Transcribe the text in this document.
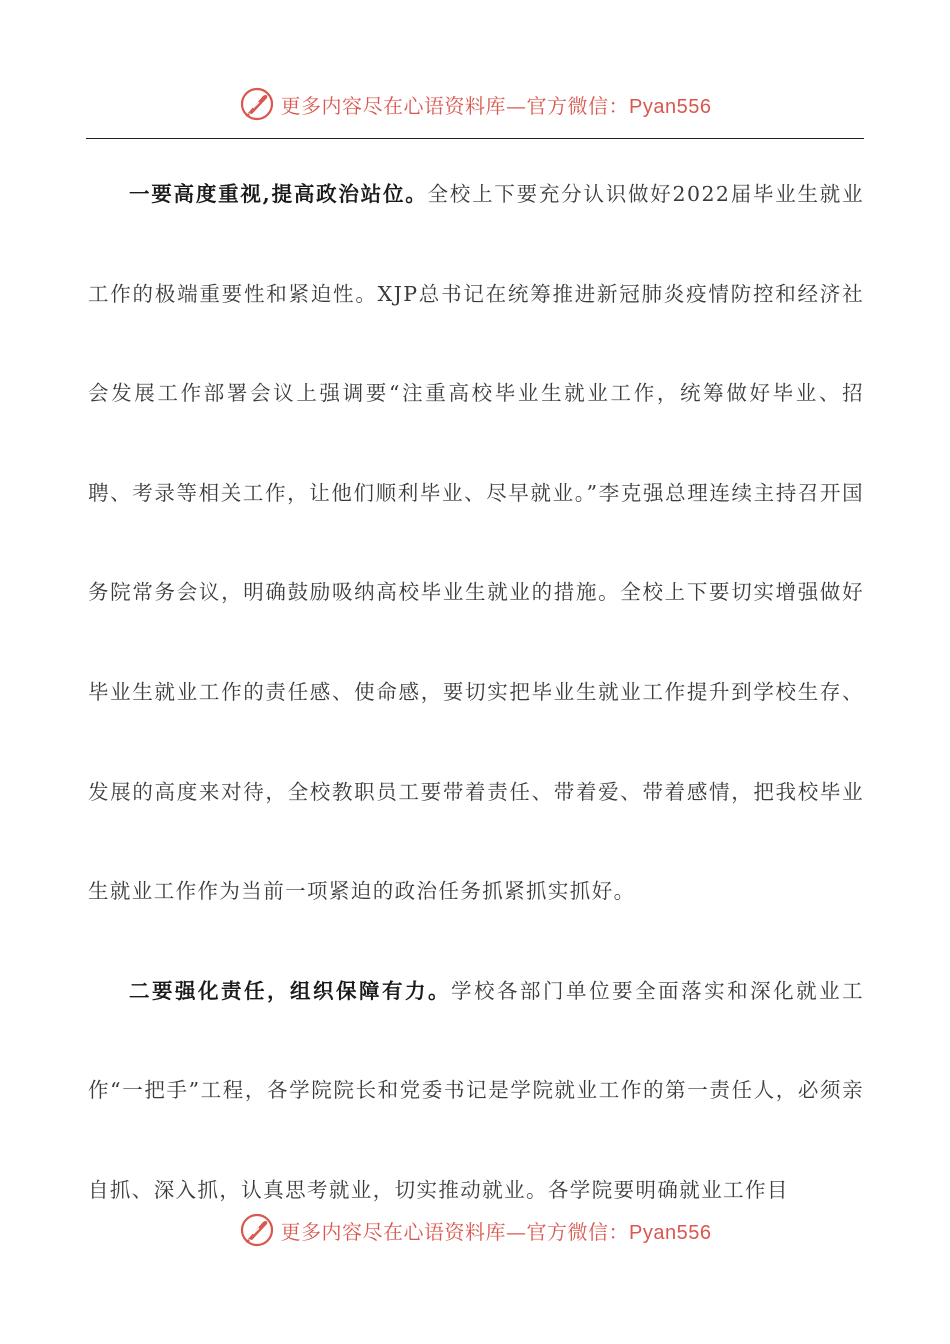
更多内容尽在心语资料库—官方微信：Pyan556

一要高度重视,提高政治站位。全校上下要充分认识做好2022届毕业生就业工作的极端重要性和紧迫性。XJP总书记在统筹推进新冠肺炎疫情防控和经济社会发展工作部署会议上强调要“注重高校毕业生就业工作，统筹做好毕业、招聘、考录等相关工作，让他们顺利毕业、尽早就业。”李克强总理连续主持召开国务院常务会议，明确鼓励吸纳高校毕业生就业的措施。全校上下要切实增强做好毕业生就业工作的责任感、使命感，要切实把毕业生就业工作提升到学校生存、发展的高度来对待，全校教职员工要带着责任、带着爱、带着感情，把我校毕业生就业工作作为当前一项紧迫的政治任务抓紧抓实抓好。

二要强化责任，组织保障有力。学校各部门单位要全面落实和深化就业工作“一把手”工程，各学院院长和党委书记是学院就业工作的第一责任人，必须亲自抓、深入抓，认真思考就业，切实推动就业。各学院要明确就业工作目

更多内容尽在心语资料库—官方微信：Pyan556
